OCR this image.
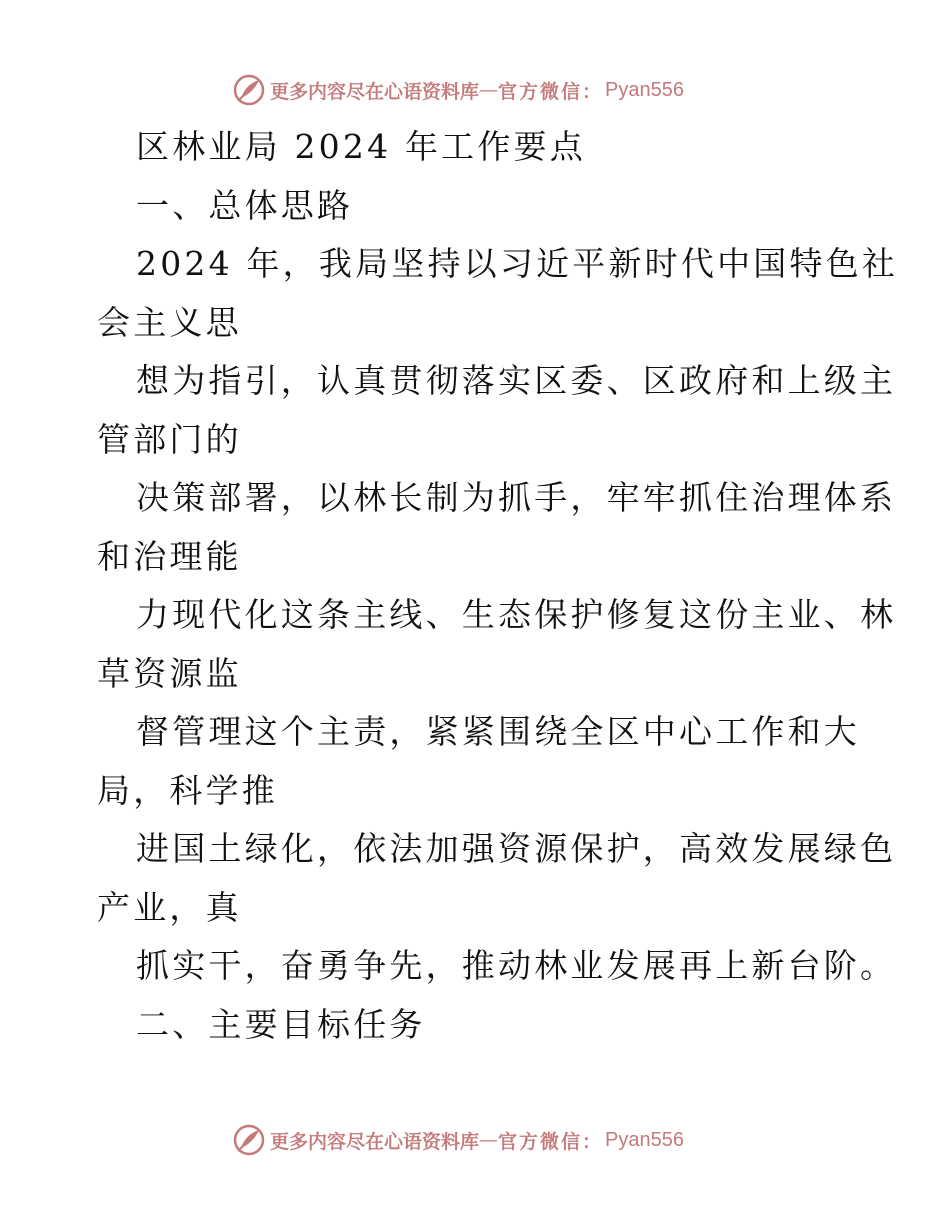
更多内容尽在心语资料库 — 官方微信： Pyan556
区林业局 2024 年工作要点
一、总体思路
2024 年，我局坚持以习近平新时代中国特色社
会主义思
想为指引，认真贯彻落实区委、区政府和上级主
管部门的
决策部署，以林长制为抓手，牢牢抓住治理体系
和治理能
力现代化这条主线、生态保护修复这份主业、林
草资源监
督管理这个主责，紧紧围绕全区中心工作和大
局，科学推
进国土绿化，依法加强资源保护，高效发展绿色
产业，真
抓实干，奋勇争先，推动林业发展再上新台阶。
二、主要目标任务
更多内容尽在心语资料库 — 官方微信： Pyan556
